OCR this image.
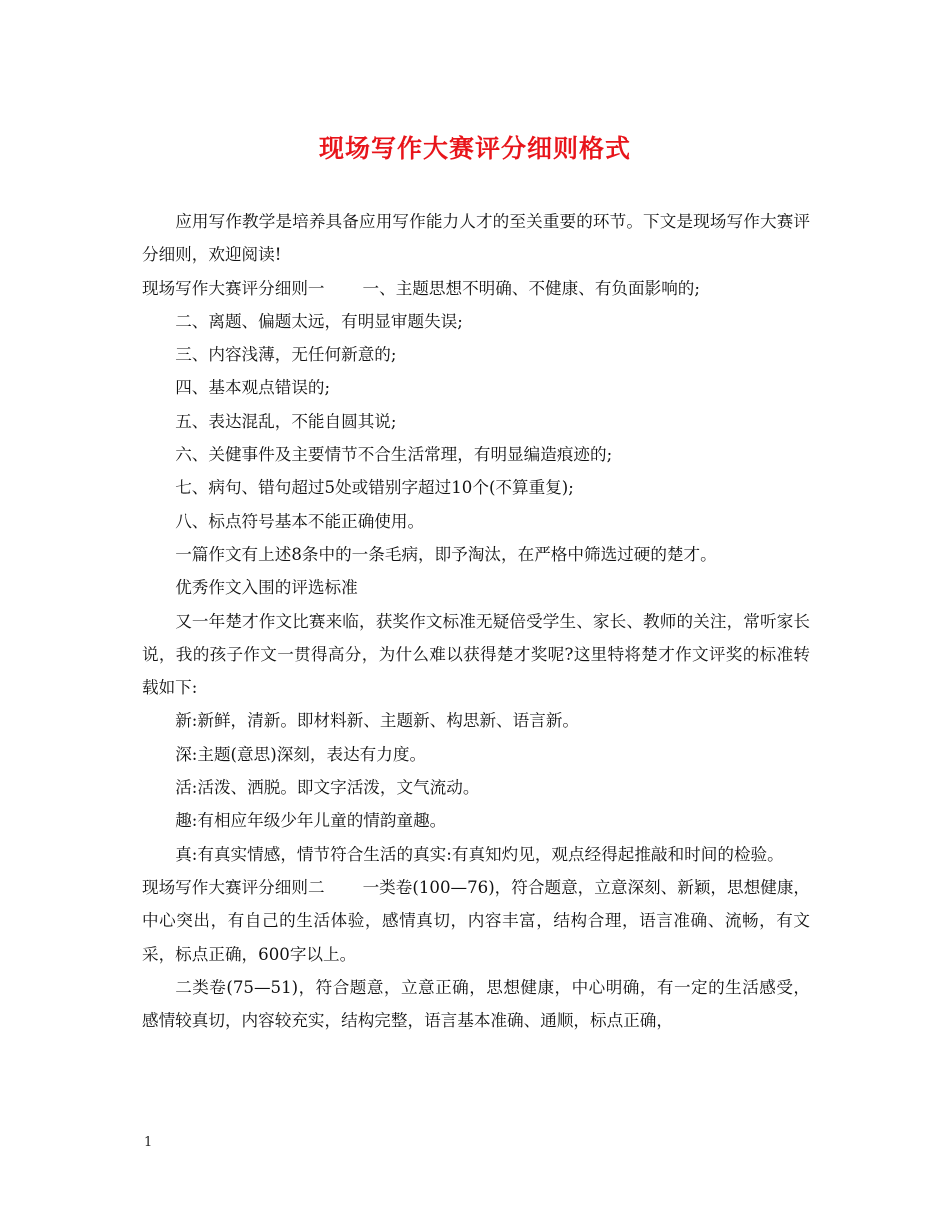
现场写作大赛评分细则格式

应用写作教学是培养具备应用写作能力人才的至关重要的环节。下文是现场写作大赛评分细则，欢迎阅读!

现场写作大赛评分细则一 一、主题思想不明确、不健康、有负面影响的;

二、离题、偏题太远，有明显审题失误;

三、内容浅薄，无任何新意的;

四、基本观点错误的;

五、表达混乱，不能自圆其说;

六、关健事件及主要情节不合生活常理，有明显编造痕迹的;

七、病句、错句超过5处或错别字超过10个(不算重复);

八、标点符号基本不能正确使用。

一篇作文有上述8条中的一条毛病，即予淘汰，在严格中筛选过硬的楚才。

优秀作文入围的评选标准

又一年楚才作文比赛来临，获奖作文标准无疑倍受学生、家长、教师的关注，常听家长说，我的孩子作文一贯得高分，为什么难以获得楚才奖呢?这里特将楚才作文评奖的标准转载如下:

新:新鲜，清新。即材料新、主题新、构思新、语言新。

深:主题(意思)深刻，表达有力度。

活:活泼、洒脱。即文字活泼，文气流动。

趣:有相应年级少年儿童的情韵童趣。

真:有真实情感，情节符合生活的真实:有真知灼见，观点经得起推敲和时间的检验。

现场写作大赛评分细则二 一类卷(100—76)，符合题意，立意深刻、新颖，思想健康，中心突出，有自己的生活体验，感情真切，内容丰富，结构合理，语言准确、流畅，有文采，标点正确，600字以上。

二类卷(75—51)，符合题意，立意正确，思想健康，中心明确，有一定的生活感受，感情较真切，内容较充实，结构完整，语言基本准确、通顺，标点正确，

1
